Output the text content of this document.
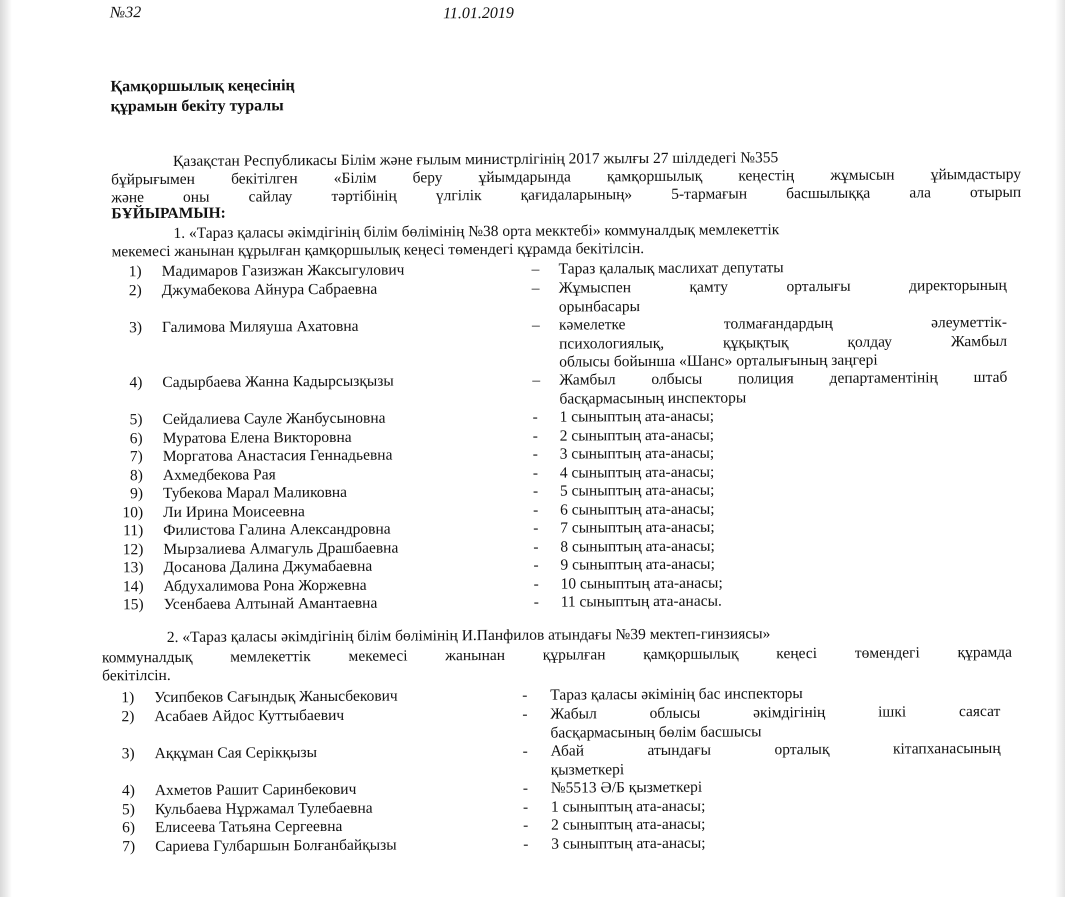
№32	11.01.2019
Қамқоршылық кеңесінің
құрамын бекіту туралы
Қазақстан Республикасы Білім және ғылым министрлігінің 2017 жылғы 27 шілдедегі №355
бұйрығымен бекітілген «Білім беру ұйымдарында қамқоршылық кеңестің жұмысын ұйымдастыру
және оны сайлау тәртібінің үлгілік қағидаларының» 5-тармағын басшылыққа ала отырып
БҰЙЫРАМЫН:
1. «Тараз қаласы әкімдігінің білім бөлімінің №38 орта мекктебі» коммуналдық мемлекеттік
мекемесі жанынан құрылған қамқоршылық кеңесі төмендегі құрамда бекітілсін.
1) Мадимаров Газизжан Жаксыгулович	– Тараз қалалық маслихат депутаты
2) Джумабекова Айнура Сабраевна	– Жұмыспен қамту орталығы директорының
орынбасары
3) Галимова Миляуша Ахатовна	– кәмелетке толмағандардың әлеуметтік-
психологиялық, құқықтық қолдау Жамбыл
облысы бойынша «Шанс» орталығының заңгері
4) Садырбаева Жанна Кадырсызқызы	– Жамбыл олбысы полиция департаментінің штаб
басқармасының инспекторы
5) Сейдалиева Сауле Жанбусыновна	- 1 сыныптың ата-анасы;
6) Муратова Елена Викторовна	- 2 сыныптың ата-анасы;
7) Моргатова Анастасия Геннадьевна	- 3 сыныптың ата-анасы;
8) Ахмедбекова Рая	- 4 сыныптың ата-анасы;
9) Тубекова Марал Маликовна	- 5 сыныптың ата-анасы;
10) Ли Ирина Моисеевна	- 6 сыныптың ата-анасы;
11) Филистова Галина Александровна	- 7 сыныптың ата-анасы;
12) Мырзалиева Алмагуль Драшбаевна	- 8 сыныптың ата-анасы;
13) Досанова Далина Джумабаевна	- 9 сыныптың ата-анасы;
14) Абдухалимова Рона Жоржевна	- 10 сыныптың ата-анасы;
15) Усенбаева Алтынай Амантаевна	- 11 сыныптың ата-анасы.
2. «Тараз қаласы әкімдігінің білім бөлімінің И.Панфилов атындағы №39 мектеп-гинзиясы»
коммуналдық мемлекеттік мекемесі жанынан құрылған қамқоршылық кеңесі төмендегі құрамда
бекітілсін.
1) Усипбеков Сағындық Жанысбекович	- Тараз қаласы әкімінің бас инспекторы
2) Асабаев Айдос Куттыбаевич	- Жабыл облысы әкімдігінің ішкі саясат
басқармасының бөлім басшысы
3) Аққұман Сая Серікқызы	- Абай атындағы орталық кітапханасының
қызметкері
4) Ахметов Рашит Саринбекович	- №5513 Ә/Б қызметкері
5) Кульбаева Нұржамал Тулебаевна	- 1 сыныптың ата-анасы;
6) Елисеева Татьяна Сергеевна	- 2 сыныптың ата-анасы;
7) Сариева Гулбаршын Болғанбайқызы	- 3 сыныптың ата-анасы;
